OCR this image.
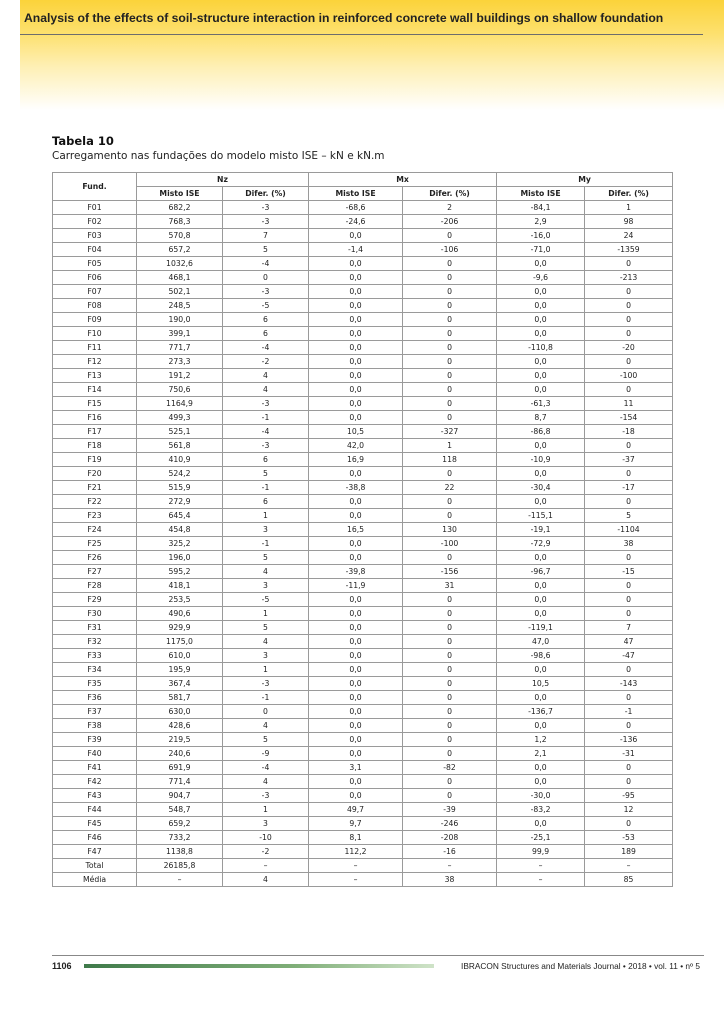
Analysis of the effects of soil-structure interaction in reinforced concrete wall buildings on shallow foundation
Tabela 10
Carregamento nas fundações do modelo misto ISE – kN e kN.m
Fund.	Nz		Mx		My	
	Misto ISE	Difer. (%)	Misto ISE	Difer. (%)	Misto ISE	Difer. (%)
F01	682,2	-3	-68,6	2	-84,1	1
F02	768,3	-3	-24,6	-206	2,9	98
F03	570,8	7	0,0	0	-16,0	24
F04	657,2	5	-1,4	-106	-71,0	-1359
F05	1032,6	-4	0,0	0	0,0	0
F06	468,1	0	0,0	0	-9,6	-213
F07	502,1	-3	0,0	0	0,0	0
F08	248,5	-5	0,0	0	0,0	0
F09	190,0	6	0,0	0	0,0	0
F10	399,1	6	0,0	0	0,0	0
F11	771,7	-4	0,0	0	-110,8	-20
F12	273,3	-2	0,0	0	0,0	0
F13	191,2	4	0,0	0	0,0	-100
F14	750,6	4	0,0	0	0,0	0
F15	1164,9	-3	0,0	0	-61,3	11
F16	499,3	-1	0,0	0	8,7	-154
F17	525,1	-4	10,5	-327	-86,8	-18
F18	561,8	-3	42,0	1	0,0	0
F19	410,9	6	16,9	118	-10,9	-37
F20	524,2	5	0,0	0	0,0	0
F21	515,9	-1	-38,8	22	-30,4	-17
F22	272,9	6	0,0	0	0,0	0
F23	645,4	1	0,0	0	-115,1	5
F24	454,8	3	16,5	130	-19,1	-1104
F25	325,2	-1	0,0	-100	-72,9	38
F26	196,0	5	0,0	0	0,0	0
F27	595,2	4	-39,8	-156	-96,7	-15
F28	418,1	3	-11,9	31	0,0	0
F29	253,5	-5	0,0	0	0,0	0
F30	490,6	1	0,0	0	0,0	0
F31	929,9	5	0,0	0	-119,1	7
F32	1175,0	4	0,0	0	47,0	47
F33	610,0	3	0,0	0	-98,6	-47
F34	195,9	1	0,0	0	0,0	0
F35	367,4	-3	0,0	0	10,5	-143
F36	581,7	-1	0,0	0	0,0	0
F37	630,0	0	0,0	0	-136,7	-1
F38	428,6	4	0,0	0	0,0	0
F39	219,5	5	0,0	0	1,2	-136
F40	240,6	-9	0,0	0	2,1	-31
F41	691,9	-4	3,1	-82	0,0	0
F42	771,4	4	0,0	0	0,0	0
F43	904,7	-3	0,0	0	-30,0	-95
F44	548,7	1	49,7	-39	-83,2	12
F45	659,2	3	9,7	-246	0,0	0
F46	733,2	-10	8,1	-208	-25,1	-53
F47	1138,8	-2	112,2	-16	99,9	189
Total	26185,8	–	–	–	–	–
Média	–	4	–	38	–	85
1106	IBRACON Structures and Materials Journal • 2018 • vol. 11 • nº 5
